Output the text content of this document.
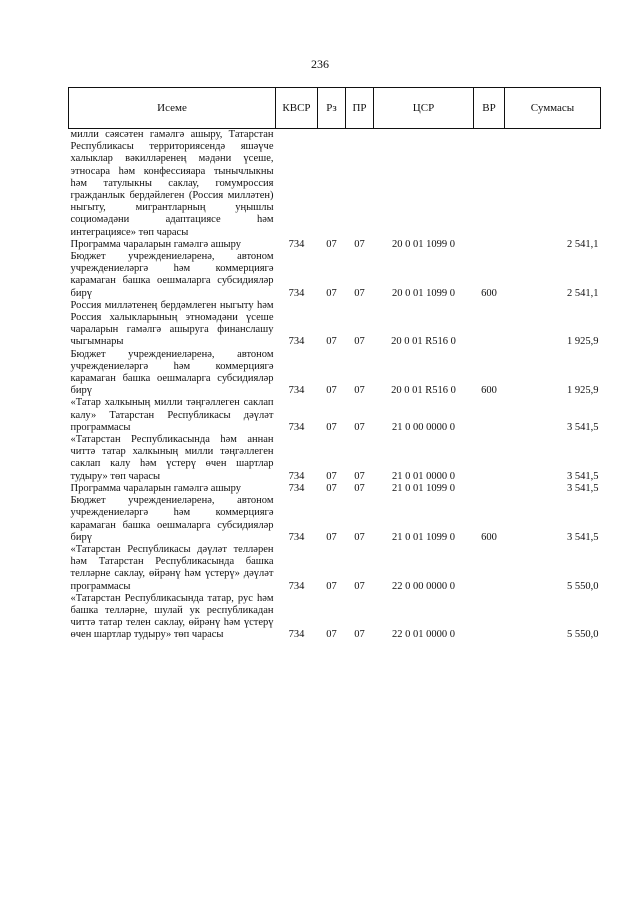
236
Исеме	КВСР	Рз	ПР	ЦСР	ВР	Суммасы
милли сәясәтен гамәлгә ашыру, Татарстан Республикасы территориясендә яшәүче халыклар вәкилләренең мәдәни үсеше, этносара һәм конфессияара тынычлыкны һәм татулыкны саклау, гомумроссия гражданлык бердәйлеген (Россия милләтен) ныгыту, мигрантларның уңышлы социомәдәни адаптациясе һәм интеграциясе» төп чарасы						
Программа чараларын гамәлгә ашыру	734	07	07	20 0 01 1099 0		2 541,1
Бюджет учреждениеләренә, автоном учреждениеләргә һәм коммерциягә карамаган башка оешмаларга субсидияләр бирү	734	07	07	20 0 01 1099 0	600	2 541,1
Россия милләтенең бердәмлеген ныгыту һәм Россия халыкларының этномәдәни үсеше чараларын гамәлгә ашыруга финанслашу чыгымнары	734	07	07	20 0 01 R516 0		1 925,9
Бюджет учреждениеләренә, автоном учреждениеләргә һәм коммерциягә карамаган башка оешмаларга субсидияләр бирү	734	07	07	20 0 01 R516 0	600	1 925,9
«Татар халкының милли тәңгәллеген саклап калу» Татарстан Республикасы дәүләт программасы	734	07	07	21 0 00 0000 0		3 541,5
«Татарстан Республикасында һәм аннан читтә татар халкының милли тәңгәллеген саклап калу һәм үстерү өчен шартлар тудыру» төп чарасы	734	07	07	21 0 01 0000 0		3 541,5
Программа чараларын гамәлгә ашыру	734	07	07	21 0 01 1099 0		3 541,5
Бюджет учреждениеләренә, автоном учреждениеләргә һәм коммерциягә карамаган башка оешмаларга субсидияләр бирү	734	07	07	21 0 01 1099 0	600	3 541,5
«Татарстан Республикасы дәүләт телләрен һәм Татарстан Республикасында башка телләрне саклау, өйрәнү һәм үстерү» дәүләт программасы	734	07	07	22 0 00 0000 0		5 550,0
«Татарстан Республикасында татар, рус һәм башка телләрне, шулай ук республикадан читтә татар телен саклау, өйрәнү һәм үстерү өчен шартлар тудыру» төп чарасы	734	07	07	22 0 01 0000 0		5 550,0
